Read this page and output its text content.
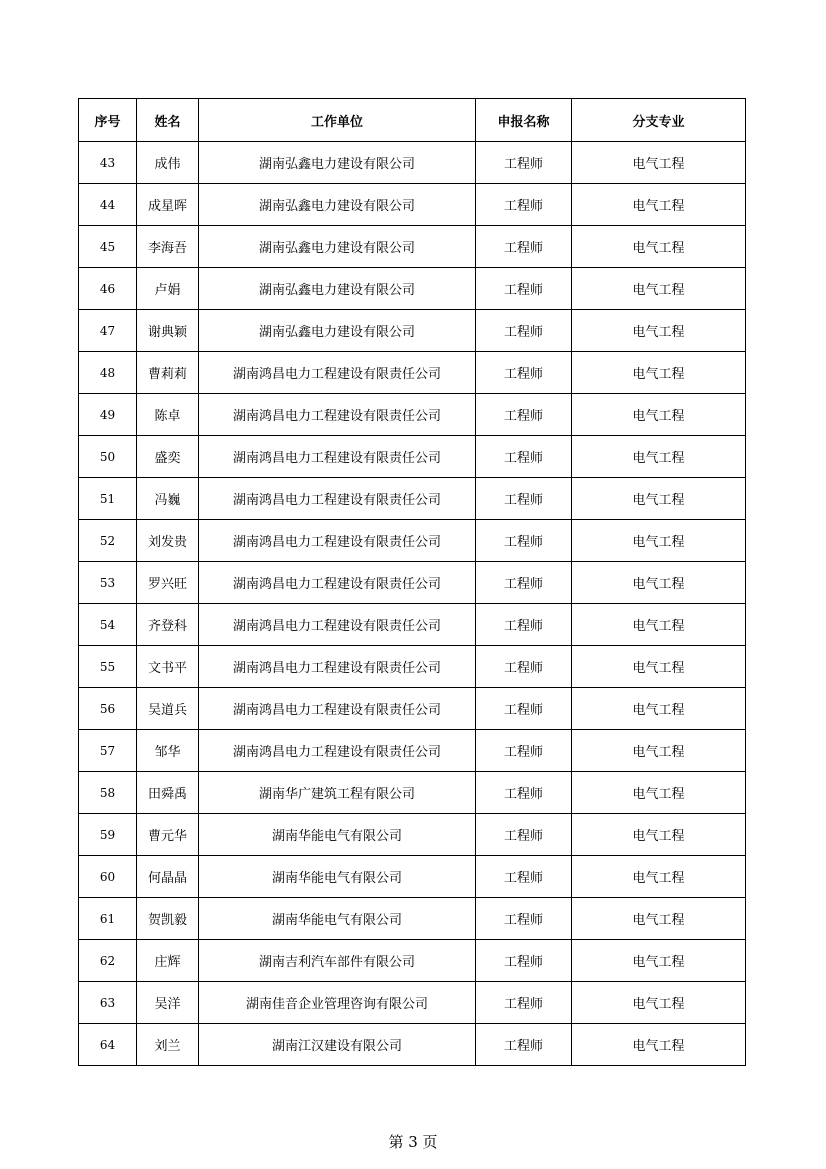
序号	姓名	工作单位	申报名称	分支专业
43	成伟	湖南弘鑫电力建设有限公司	工程师	电气工程
44	成星晖	湖南弘鑫电力建设有限公司	工程师	电气工程
45	李海吾	湖南弘鑫电力建设有限公司	工程师	电气工程
46	卢娟	湖南弘鑫电力建设有限公司	工程师	电气工程
47	谢典颖	湖南弘鑫电力建设有限公司	工程师	电气工程
48	曹莉莉	湖南鸿昌电力工程建设有限责任公司	工程师	电气工程
49	陈卓	湖南鸿昌电力工程建设有限责任公司	工程师	电气工程
50	盛奕	湖南鸿昌电力工程建设有限责任公司	工程师	电气工程
51	冯巍	湖南鸿昌电力工程建设有限责任公司	工程师	电气工程
52	刘发贵	湖南鸿昌电力工程建设有限责任公司	工程师	电气工程
53	罗兴旺	湖南鸿昌电力工程建设有限责任公司	工程师	电气工程
54	齐登科	湖南鸿昌电力工程建设有限责任公司	工程师	电气工程
55	文书平	湖南鸿昌电力工程建设有限责任公司	工程师	电气工程
56	吴道兵	湖南鸿昌电力工程建设有限责任公司	工程师	电气工程
57	邹华	湖南鸿昌电力工程建设有限责任公司	工程师	电气工程
58	田舜禹	湖南华广建筑工程有限公司	工程师	电气工程
59	曹元华	湖南华能电气有限公司	工程师	电气工程
60	何晶晶	湖南华能电气有限公司	工程师	电气工程
61	贺凯毅	湖南华能电气有限公司	工程师	电气工程
62	庄辉	湖南吉利汽车部件有限公司	工程师	电气工程
63	吴洋	湖南佳音企业管理咨询有限公司	工程师	电气工程
64	刘兰	湖南江汉建设有限公司	工程师	电气工程
第 3 页
